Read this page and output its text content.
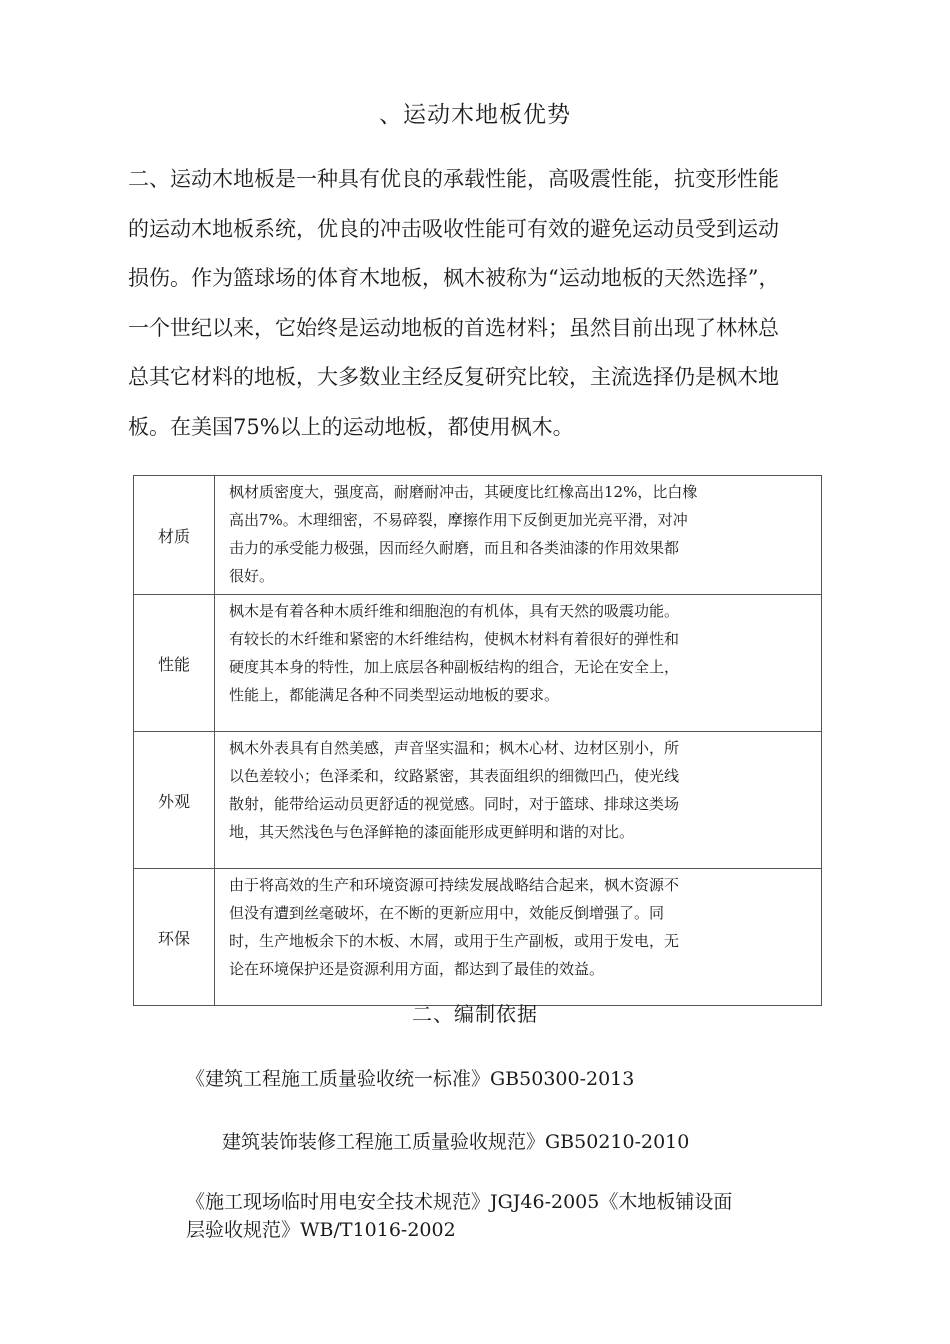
、运动木地板优势

二、运动木地板是一种具有优良的承载性能，高吸震性能，抗变形性能
的运动木地板系统，优良的冲击吸收性能可有效的避免运动员受到运动
损伤。作为篮球场的体育木地板，枫木被称为“运动地板的天然选择”，
一个世纪以来，它始终是运动地板的首选材料；虽然目前出现了林林总
总其它材料的地板，大多数业主经反复研究比较，主流选择仍是枫木地
板。在美国75%以上的运动地板，都使用枫木。

材质	枫材质密度大，强度高，耐磨耐冲击，其硬度比红橡高出12%，比白橡
高出7%。木理细密，不易碎裂，摩擦作用下反倒更加光亮平滑，对冲
击力的承受能力极强，因而经久耐磨，而且和各类油漆的作用效果都
很好。

性能	枫木是有着各种木质纤维和细胞泡的有机体，具有天然的吸震功能。
有较长的木纤维和紧密的木纤维结构，使枫木材料有着很好的弹性和
硬度其本身的特性，加上底层各种副板结构的组合，无论在安全上，
性能上，都能满足各种不同类型运动地板的要求。

外观	枫木外表具有自然美感，声音坚实温和；枫木心材、边材区别小，所
以色差较小；色泽柔和，纹路紧密，其表面组织的细微凹凸，使光线
散射，能带给运动员更舒适的视觉感。同时，对于篮球、排球这类场
地，其天然浅色与色泽鲜艳的漆面能形成更鲜明和谐的对比。

环保	由于将高效的生产和环境资源可持续发展战略结合起来，枫木资源不
但没有遭到丝毫破坏，在不断的更新应用中，效能反倒增强了。同
时，生产地板余下的木板、木屑，或用于生产副板，或用于发电，无
论在环境保护还是资源利用方面，都达到了最佳的效益。
二、编制依据
《建筑工程施工质量验收统一标准》GB50300-2013
建筑装饰装修工程施工质量验收规范》GB50210-2010
《施工现场临时用电安全技术规范》JGJ46-2005《木地板铺设面
层验收规范》WB/T1016-2002
